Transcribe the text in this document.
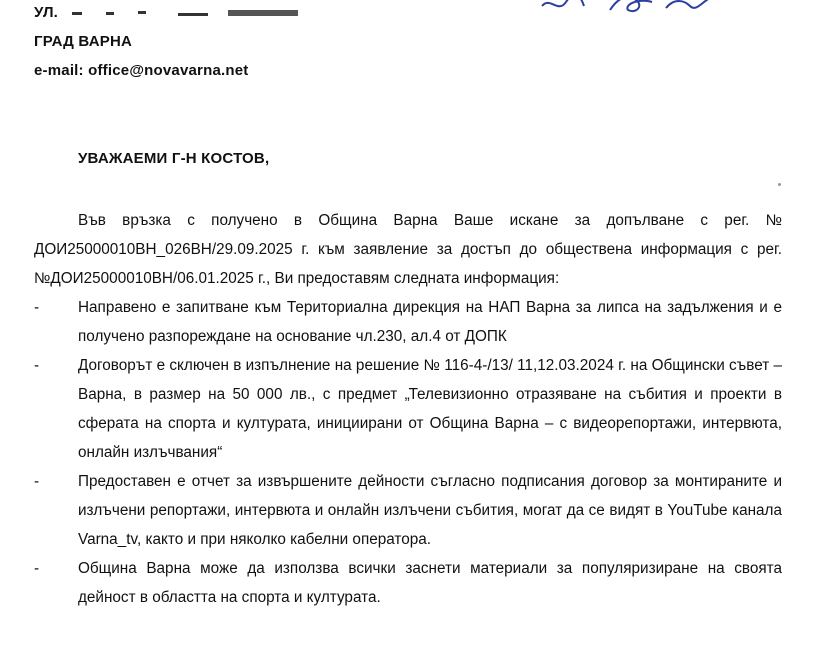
УЛ.
ГРАД ВАРНА
e-mail: office@novavarna.net
УВАЖАЕМИ Г-Н КОСТОВ,

Във връзка с получено в Община Варна Ваше искане за допълване с рег. № ДОИ25000010ВН_026ВН/29.09.2025 г. към заявление за достъп до обществена информация с рег.№ДОИ25000010ВН/06.01.2025 г., Ви предоставям следната информация:

-	Направено е запитване към Териториална дирекция на НАП Варна за липса на задължения и е получено разпореждане на основание чл.230, ал.4 от ДОПК
-	Договорът е сключен в изпълнение на решение № 116-4-/13/ 11,12.03.2024 г. на Общински съвет – Варна, в размер на 50 000 лв., с предмет „Телевизионно отразяване на събития и проекти в сферата на спорта и културата, инициирани от Община Варна – с видеорепортажи, интервюта, онлайн излъчвания“
-	Предоставен е отчет за извършените дейности съгласно подписания договор за монтираните и излъчени репортажи, интервюта и онлайн излъчени събития, могат да се видят в YouTube канала Varna_tv, както и при няколко кабелни оператора.
-	Община Варна може да използва всички заснети материали за популяризиране на своята дейност в областта на спорта и културата.
